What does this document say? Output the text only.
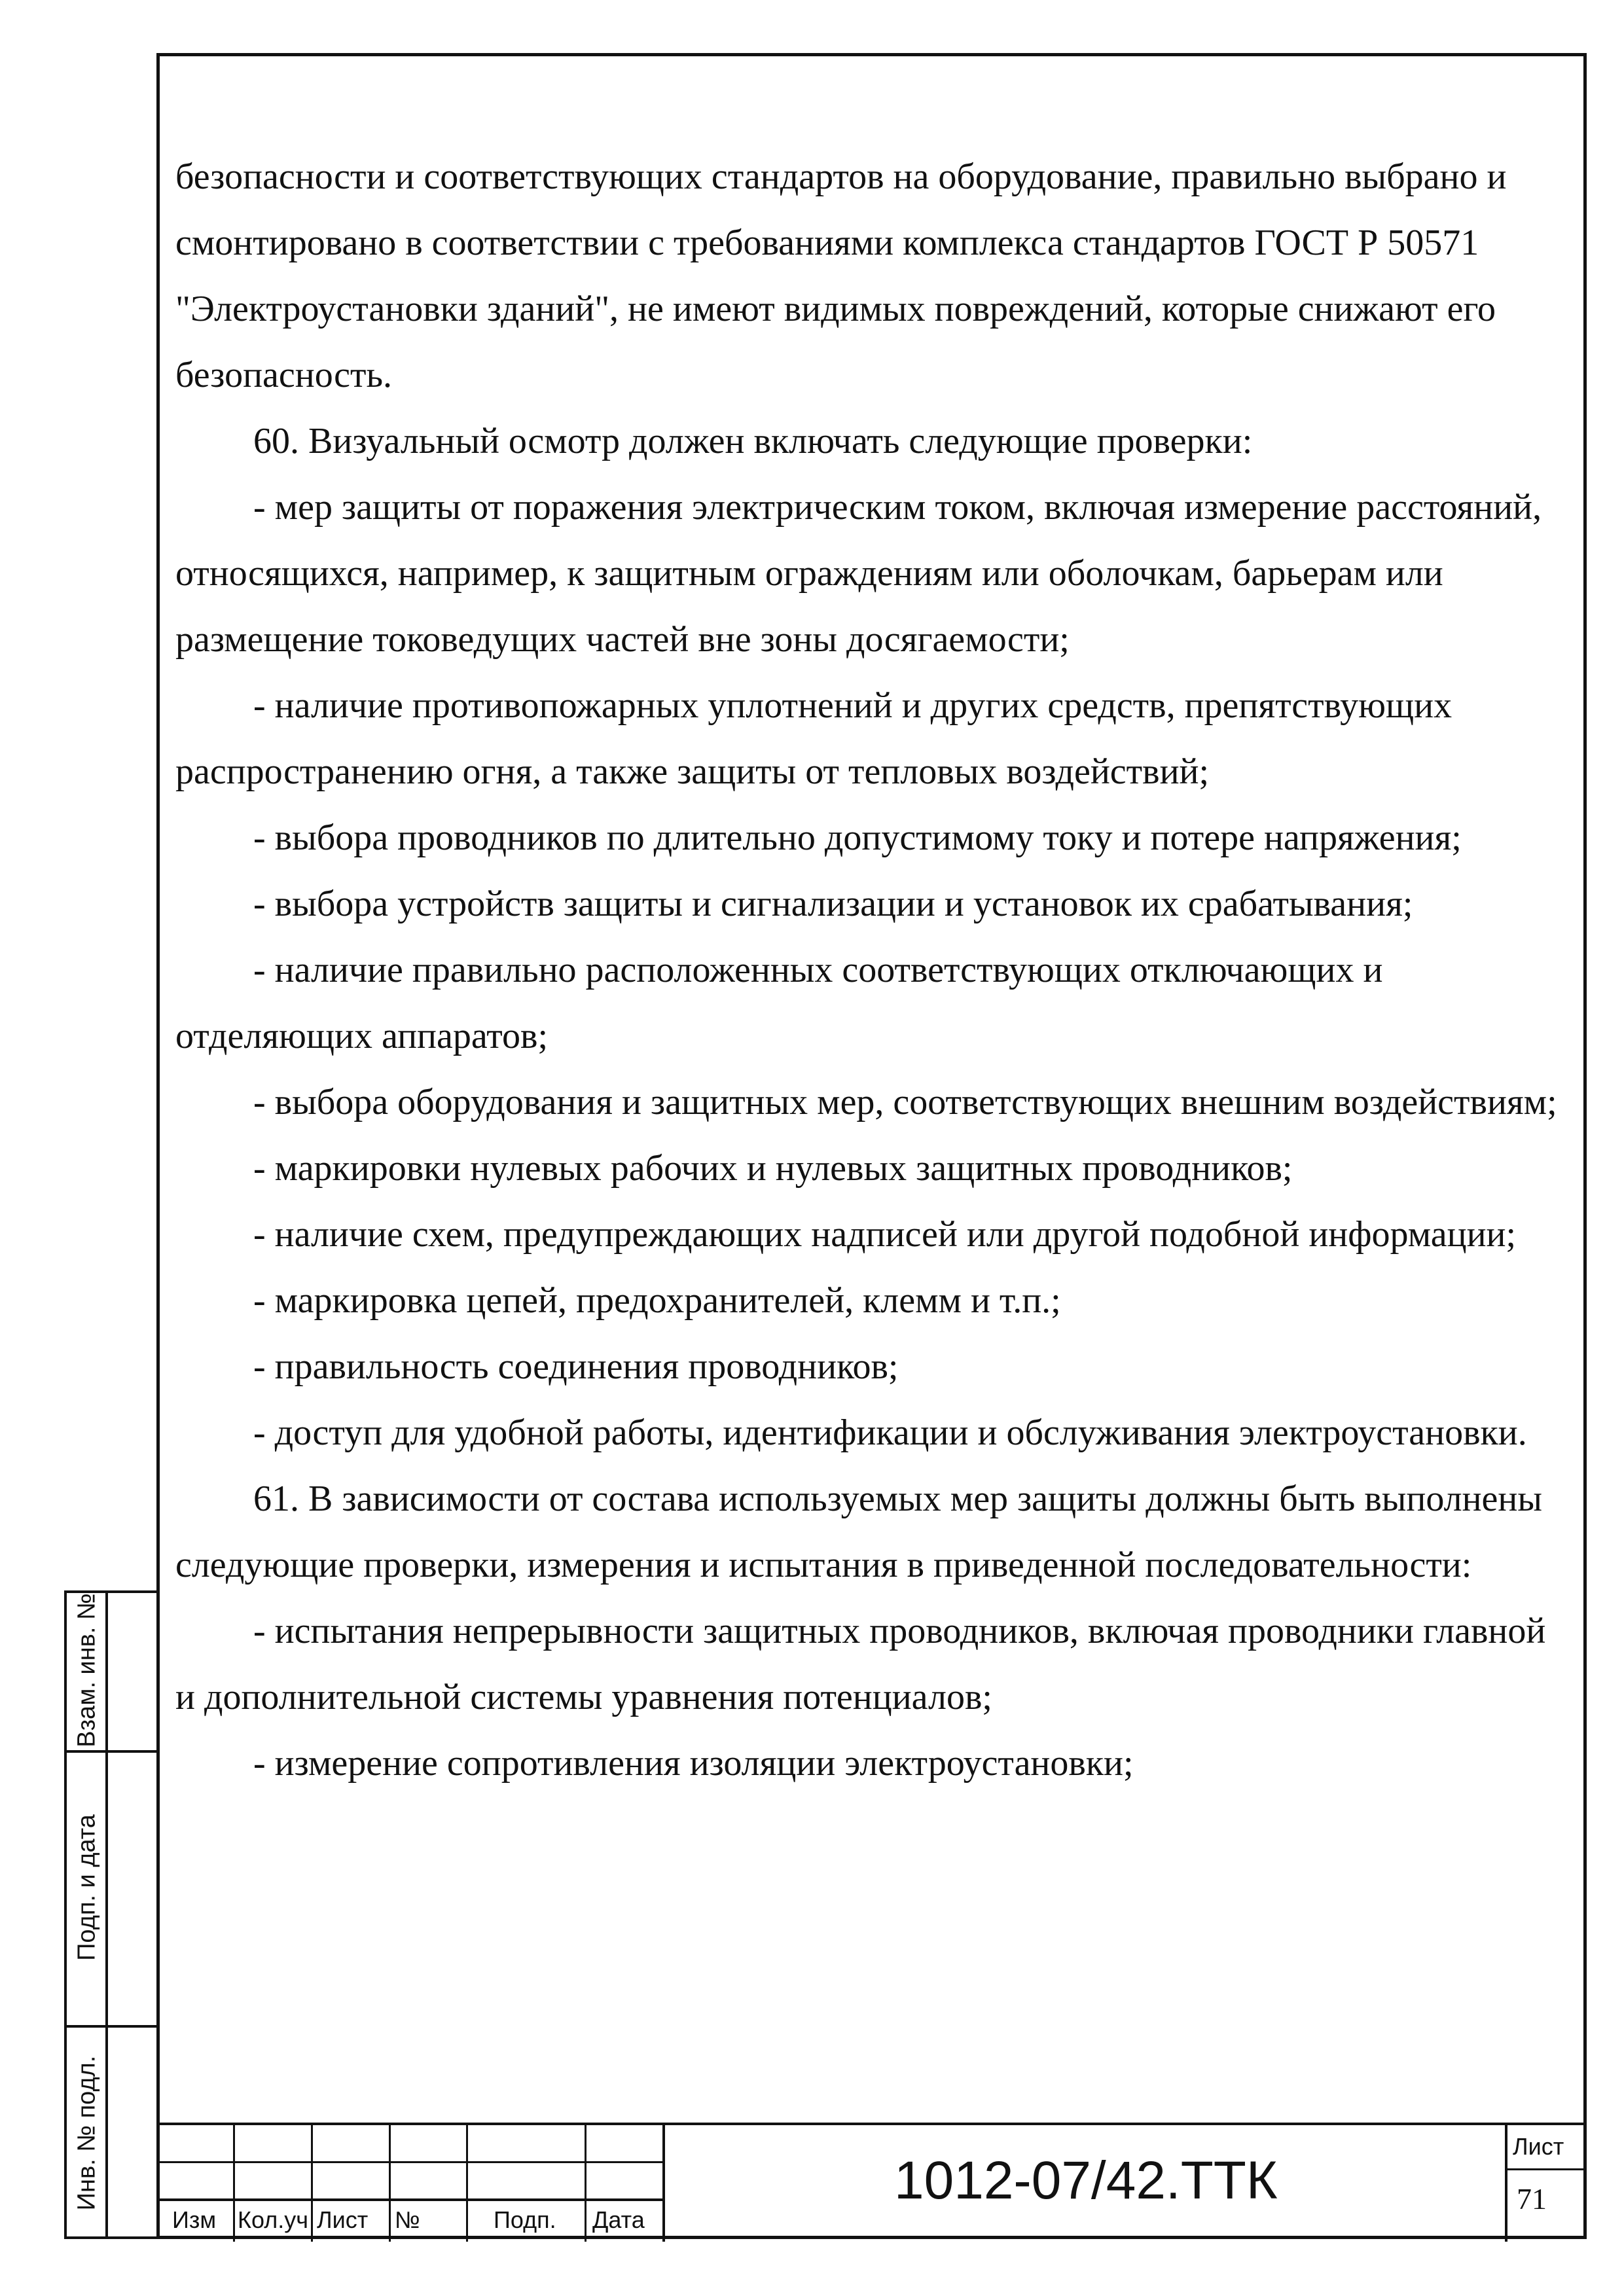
безопасности и соответствующих стандартов на оборудование, правильно выбрано и смонтировано в соответствии с требованиями комплекса стандартов ГОСТ Р 50571 "Электроустановки зданий", не имеют видимых повреждений, которые снижают его безопасность.

60. Визуальный осмотр должен включать следующие проверки:

- мер защиты от поражения электрическим током, включая измерение расстояний, относящихся, например, к защитным ограждениям или оболочкам, барьерам или размещение токоведущих частей вне зоны досягаемости;

- наличие противопожарных уплотнений и других средств, препятствующих распространению огня, а также защиты от тепловых воздействий;

- выбора проводников по длительно допустимому току и потере напряжения;

- выбора устройств защиты и сигнализации и установок их срабатывания;

- наличие правильно расположенных соответствующих отключающих и отделяющих аппаратов;

- выбора оборудования и защитных мер, соответствующих внешним воздействиям;

- маркировки нулевых рабочих и нулевых защитных проводников;

- наличие схем, предупреждающих надписей или другой подобной информации;

- маркировка цепей, предохранителей, клемм и т.п.;

- правильность соединения проводников;

- доступ для удобной работы, идентификации и обслуживания электроустановки.

61. В зависимости от состава используемых мер защиты должны быть выполнены следующие проверки, измерения и испытания в приведенной последовательности:

- испытания непрерывности защитных проводников, включая проводники главной и дополнительной системы уравнения потенциалов;

- измерение сопротивления изоляции электроустановки;

Взам. инв. №
Подп. и дата
Инв. № подл.
Изм Кол.уч Лист №	Подп. Дата
1012-07/42.ТТК
Лист
71
